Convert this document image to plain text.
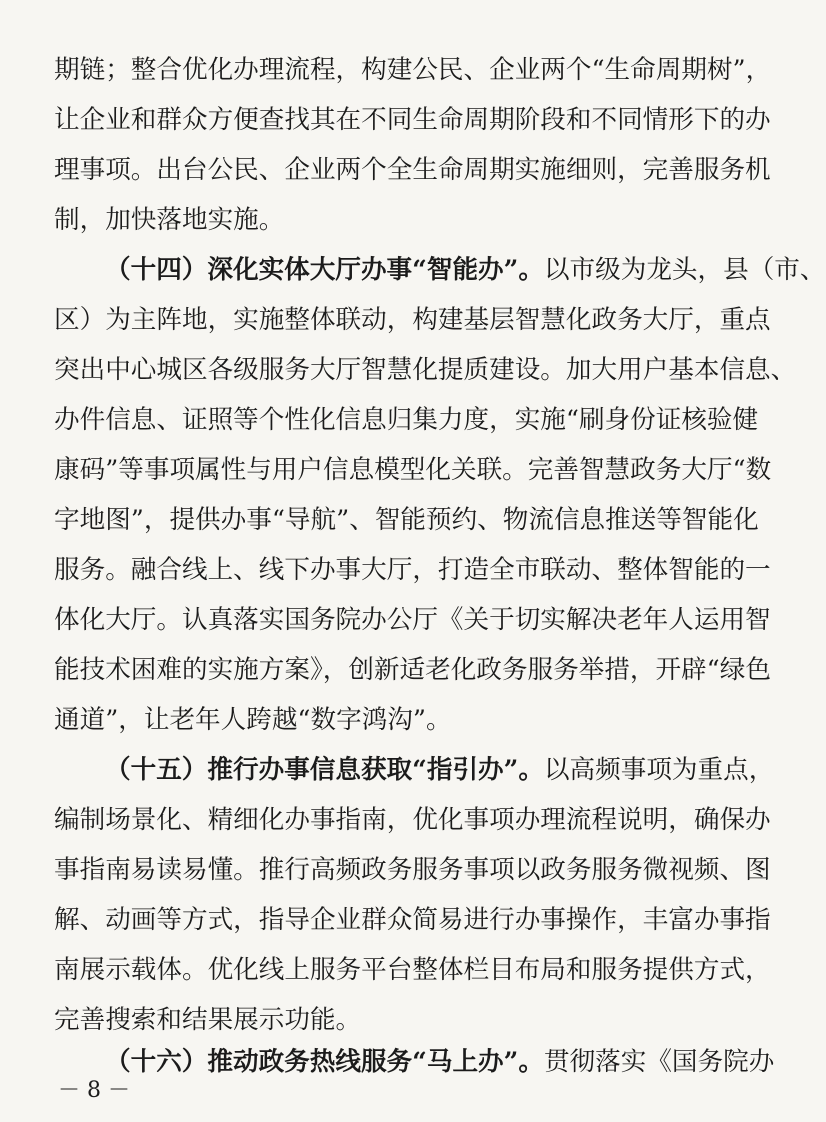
期链；整合优化办理流程，构建公民、企业两个“生命周期树”，
让企业和群众方便查找其在不同生命周期阶段和不同情形下的办
理事项。出台公民、企业两个全生命周期实施细则，完善服务机
制，加快落地实施。
（十四）深化实体大厅办事“智能办”。以市级为龙头，县（市、
区）为主阵地，实施整体联动，构建基层智慧化政务大厅，重点
突出中心城区各级服务大厅智慧化提质建设。加大用户基本信息、
办件信息、证照等个性化信息归集力度，实施“刷身份证核验健
康码”等事项属性与用户信息模型化关联。完善智慧政务大厅“数
字地图”，提供办事“导航”、智能预约、物流信息推送等智能化
服务。融合线上、线下办事大厅，打造全市联动、整体智能的一
体化大厅。认真落实国务院办公厅《关于切实解决老年人运用智
能技术困难的实施方案》，创新适老化政务服务举措，开辟“绿色
通道”，让老年人跨越“数字鸿沟”。
（十五）推行办事信息获取“指引办”。以高频事项为重点，
编制场景化、精细化办事指南，优化事项办理流程说明，确保办
事指南易读易懂。推行高频政务服务事项以政务服务微视频、图
解、动画等方式，指导企业群众简易进行办事操作，丰富办事指
南展示载体。优化线上服务平台整体栏目布局和服务提供方式，
完善搜索和结果展示功能。
（十六）推动政务热线服务“马上办”。贯彻落实《国务院办
－ 8 －
